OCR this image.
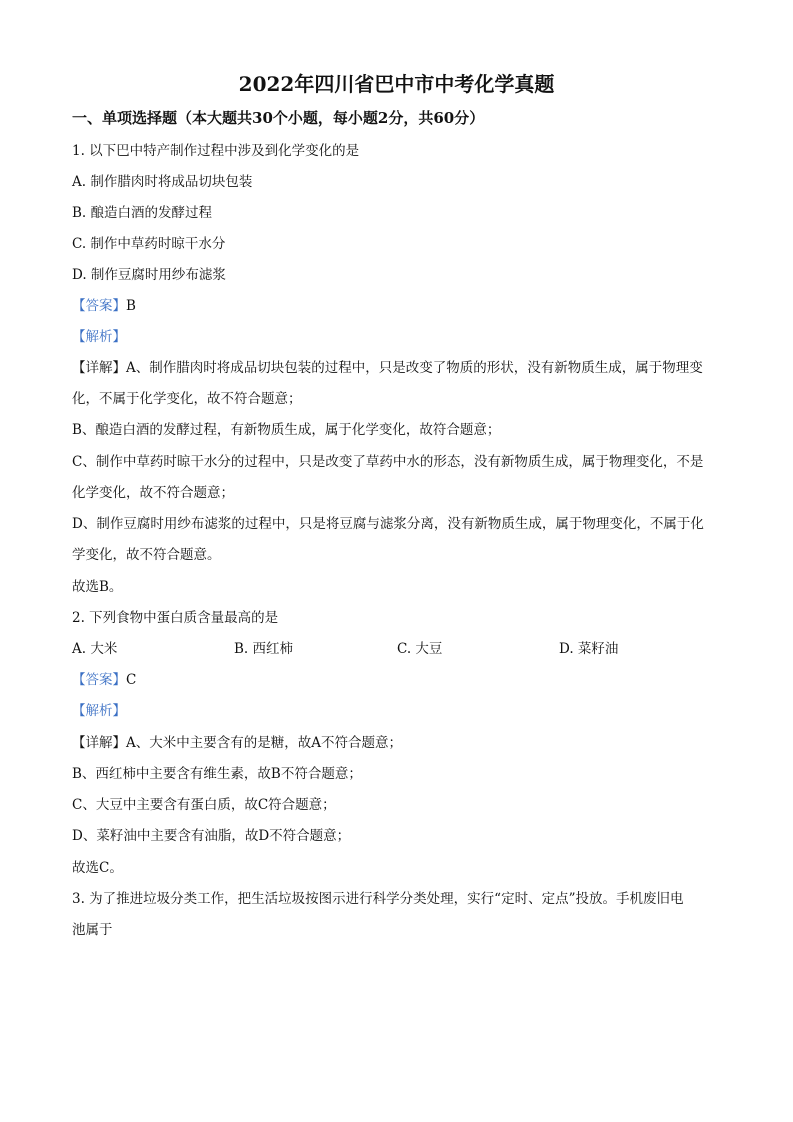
2022年四川省巴中市中考化学真题
一、单项选择题（本大题共30个小题，每小题2分，共60分）
1. 以下巴中特产制作过程中涉及到化学变化的是
A. 制作腊肉时将成品切块包装
B. 酿造白酒的发酵过程
C. 制作中草药时晾干水分
D. 制作豆腐时用纱布滤浆
【答案】B
【解析】
【详解】A、制作腊肉时将成品切块包装的过程中，只是改变了物质的形状，没有新物质生成，属于物理变
化，不属于化学变化，故不符合题意；
B、酿造白酒的发酵过程，有新物质生成，属于化学变化，故符合题意；
C、制作中草药时晾干水分的过程中，只是改变了草药中水的形态，没有新物质生成，属于物理变化，不是
化学变化，故不符合题意；
D、制作豆腐时用纱布滤浆的过程中，只是将豆腐与滤浆分离，没有新物质生成，属于物理变化，不属于化
学变化，故不符合题意。
故选B。
2. 下列食物中蛋白质含量最高的是
A. 大米	B. 西红柿	C. 大豆	D. 菜籽油
【答案】C
【解析】
【详解】A、大米中主要含有的是糖，故A不符合题意；
B、西红柿中主要含有维生素，故B不符合题意；
C、大豆中主要含有蛋白质，故C符合题意；
D、菜籽油中主要含有油脂，故D不符合题意；
故选C。
3. 为了推进垃圾分类工作，把生活垃圾按图示进行科学分类处理，实行“定时、定点”投放。手机废旧电
池属于
